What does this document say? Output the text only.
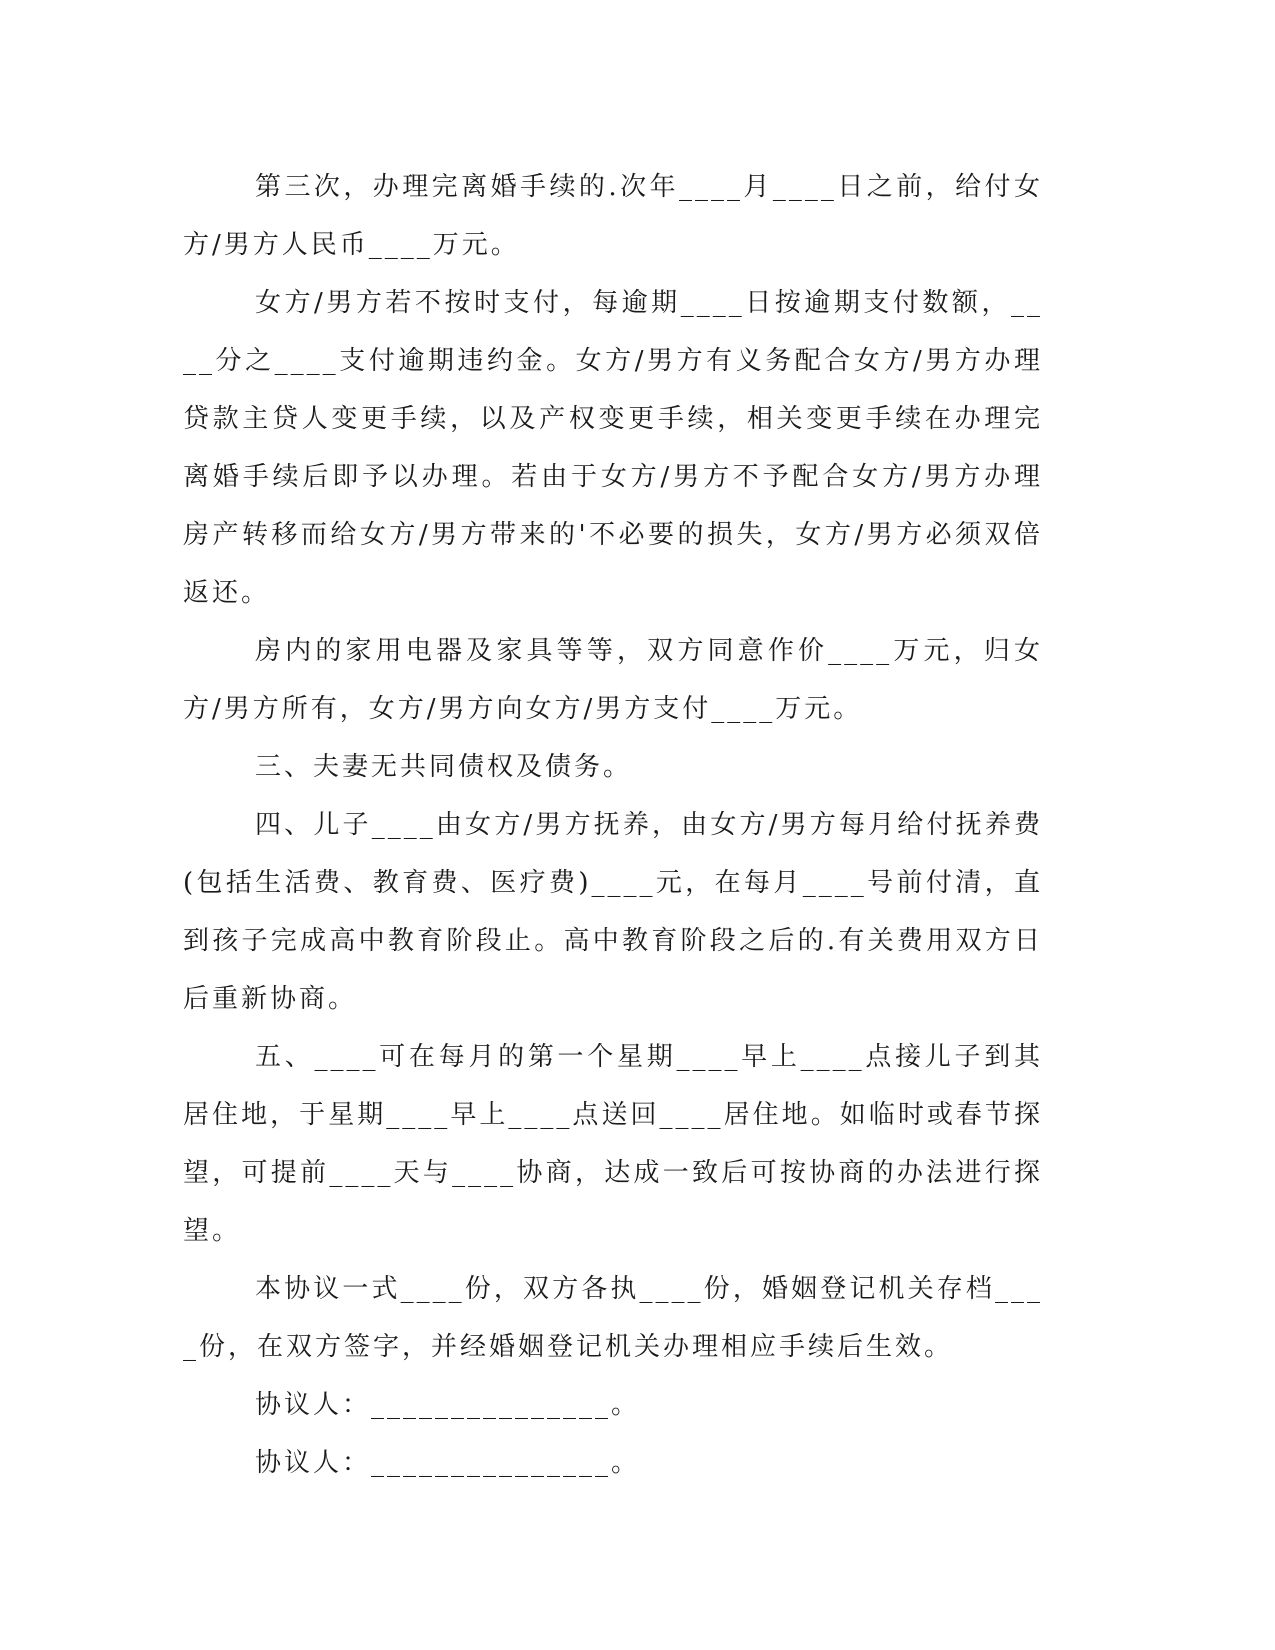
第三次，办理完离婚手续的.次年____月____日之前，给付女方/男方人民币____万元。

女方/男方若不按时支付，每逾期____日按逾期支付数额，____分之____支付逾期违约金。女方/男方有义务配合女方/男方办理贷款主贷人变更手续，以及产权变更手续，相关变更手续在办理完离婚手续后即予以办理。若由于女方/男方不予配合女方/男方办理房产转移而给女方/男方带来的'不必要的损失，女方/男方必须双倍返还。

房内的家用电器及家具等等，双方同意作价____万元，归女方/男方所有，女方/男方向女方/男方支付____万元。

三、夫妻无共同债权及债务。

四、儿子____由女方/男方抚养，由女方/男方每月给付抚养费(包括生活费、教育费、医疗费)____元，在每月____号前付清，直到孩子完成高中教育阶段止。高中教育阶段之后的.有关费用双方日后重新协商。

五、____可在每月的第一个星期____早上____点接儿子到其居住地，于星期____早上____点送回____居住地。如临时或春节探望，可提前____天与____协商，达成一致后可按协商的办法进行探望。

本协议一式____份，双方各执____份，婚姻登记机关存档____份，在双方签字，并经婚姻登记机关办理相应手续后生效。

协议人：_______________。

协议人：_______________。
